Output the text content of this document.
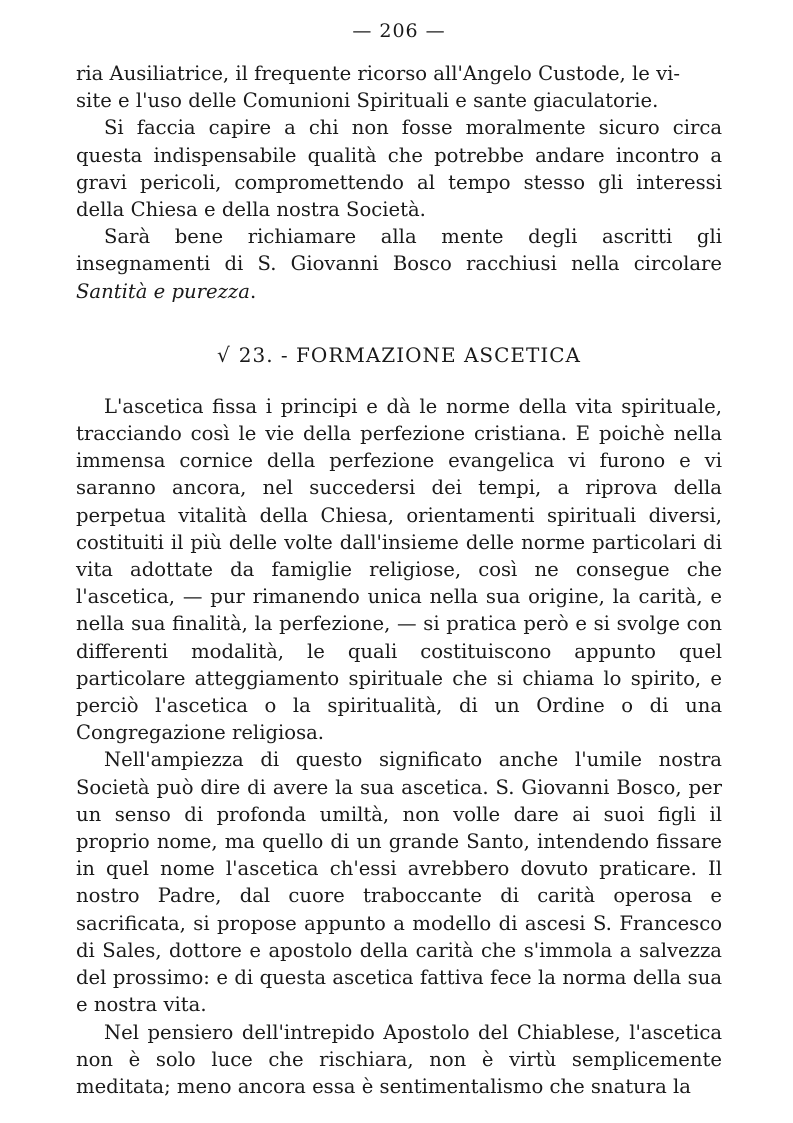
— 206 —

ria Ausiliatrice, il frequente ricorso all'Angelo Custode, le vi-
site e l'uso delle Comunioni Spirituali e sante giaculatorie.

Si faccia capire a chi non fosse moralmente sicuro circa questa indispensabile qualità che potrebbe andare incontro a gravi pericoli, compromettendo al tempo stesso gli interessi della Chiesa e della nostra Società.

Sarà bene richiamare alla mente degli ascritti gli insegnamenti di S. Giovanni Bosco racchiusi nella circolare Santità e purezza.

√ 23. - FORMAZIONE ASCETICA

L'ascetica fissa i principi e dà le norme della vita spirituale, tracciando così le vie della perfezione cristiana. E poichè nella immensa cornice della perfezione evangelica vi furono e vi saranno ancora, nel succedersi dei tempi, a riprova della perpetua vitalità della Chiesa, orientamenti spirituali diversi, costituiti il più delle volte dall'insieme delle norme particolari di vita adottate da famiglie religiose, così ne consegue che l'ascetica, — pur rimanendo unica nella sua origine, la carità, e nella sua finalità, la perfezione, — si pratica però e si svolge con differenti modalità, le quali costituiscono appunto quel particolare atteggiamento spirituale che si chiama lo spirito, e perciò l'ascetica o la spiritualità, di un Ordine o di una Congregazione religiosa.

Nell'ampiezza di questo significato anche l'umile nostra Società può dire di avere la sua ascetica. S. Giovanni Bosco, per un senso di profonda umiltà, non volle dare ai suoi figli il proprio nome, ma quello di un grande Santo, intendendo fissare in quel nome l'ascetica ch'essi avrebbero dovuto praticare. Il nostro Padre, dal cuore traboccante di carità operosa e sacrificata, si propose appunto a modello di ascesi S. Francesco di Sales, dottore e apostolo della carità che s'immola a salvezza del prossimo: e di questa ascetica fattiva fece la norma della sua e nostra vita.

Nel pensiero dell'intrepido Apostolo del Chiablese, l'ascetica non è solo luce che rischiara, non è virtù semplicemente meditata; meno ancora essa è sentimentalismo che snatura la
